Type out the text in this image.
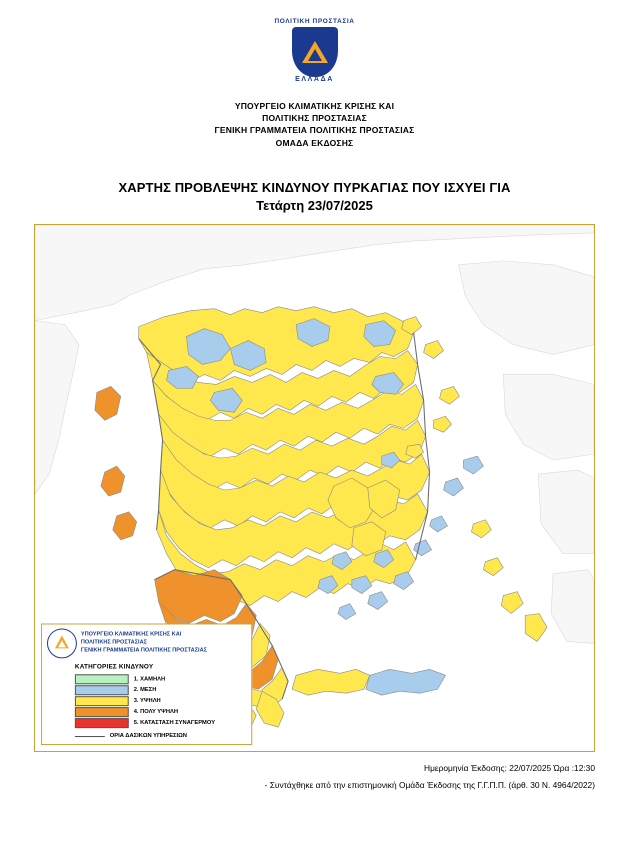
ΠΟΛΙΤΙΚΗ ΠΡΟΣΤΑΣΙΑ
ΕΛΛΑΔΑ
ΥΠΟΥΡΓΕΙΟ ΚΛΙΜΑΤΙΚΗΣ ΚΡΙΣΗΣ ΚΑΙ
ΠΟΛΙΤΙΚΗΣ ΠΡΟΣΤΑΣΙΑΣ
ΓΕΝΙΚΗ ΓΡΑΜΜΑΤΕΙΑ ΠΟΛΙΤΙΚΗΣ ΠΡΟΣΤΑΣΙΑΣ
ΟΜΑΔΑ ΕΚΔΟΣΗΣ
ΧΑΡΤΗΣ ΠΡΟΒΛΕΨΗΣ ΚΙΝΔΥΝΟΥ ΠΥΡΚΑΓΙΑΣ ΠΟΥ ΙΣΧΥΕΙ ΓΙΑ
Τετάρτη 23/07/2025
ΥΠΟΥΡΓΕΙΟ ΚΛΙΜΑΤΙΚΗΣ ΚΡΙΣΗΣ ΚΑΙ
ΠΟΛΙΤΙΚΗΣ ΠΡΟΣΤΑΣΙΑΣ
ΓΕΝΙΚΗ ΓΡΑΜΜΑΤΕΙΑ ΠΟΛΙΤΙΚΗΣ ΠΡΟΣΤΑΣΙΑΣ
ΚΑΤΗΓΟΡΙΕΣ ΚΙΝΔΥΝΟΥ
1. ΧΑΜΗΛΗ
2. ΜΕΣΗ
3. ΥΨΗΛΗ
4. ΠΟΛΥ ΥΨΗΛΗ
5. ΚΑΤΑΣΤΑΣΗ ΣΥΝΑΓΕΡΜΟΥ
ΟΡΙΑ ΔΑΣΙΚΩΝ ΥΠΗΡΕΣΙΩΝ
Ημερομηνία Έκδοσης: 22/07/2025 Ώρα :12:30
- Συντάχθηκε από την επιστημονική Ομάδα Έκδοσης της Γ.Γ.Π.Π. (άρθ. 30 Ν. 4964/2022)
